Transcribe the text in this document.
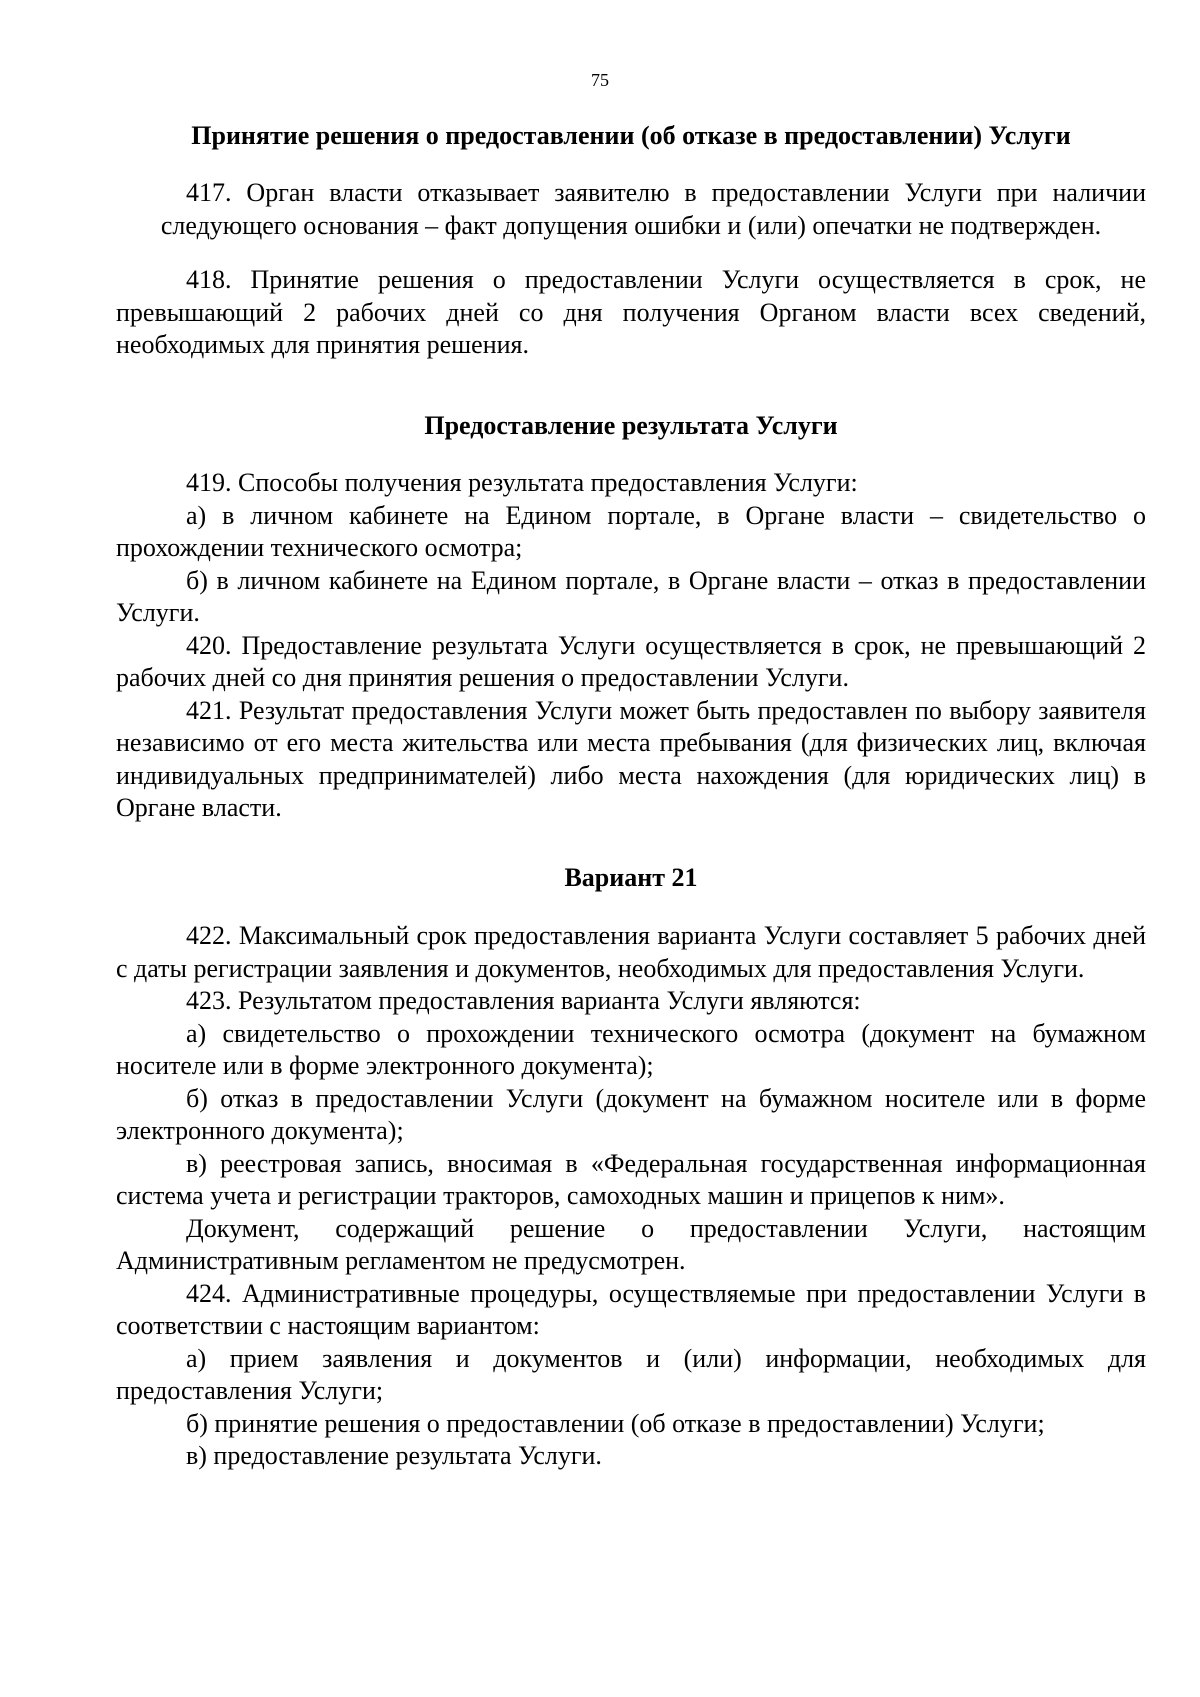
75

Принятие решения о предоставлении (об отказе в предоставлении) Услуги

417. Орган власти отказывает заявителю в предоставлении Услуги при наличии следующего основания – факт допущения ошибки и (или) опечатки не подтвержден.

418. Принятие решения о предоставлении Услуги осуществляется в срок, не превышающий 2 рабочих дней со дня получения Органом власти всех сведений, необходимых для принятия решения.

Предоставление результата Услуги

419. Способы получения результата предоставления Услуги:

а) в личном кабинете на Едином портале, в Органе власти – свидетельство о прохождении технического осмотра;

б) в личном кабинете на Едином портале, в Органе власти – отказ в предоставлении Услуги.

420. Предоставление результата Услуги осуществляется в срок, не превышающий 2 рабочих дней со дня принятия решения о предоставлении Услуги.

421. Результат предоставления Услуги может быть предоставлен по выбору заявителя независимо от его места жительства или места пребывания (для физических лиц, включая индивидуальных предпринимателей) либо места нахождения (для юридических лиц) в Органе власти.

Вариант 21

422. Максимальный срок предоставления варианта Услуги составляет 5 рабочих дней с даты регистрации заявления и документов, необходимых для предоставления Услуги.

423. Результатом предоставления варианта Услуги являются:

а) свидетельство о прохождении технического осмотра (документ на бумажном носителе или в форме электронного документа);

б) отказ в предоставлении Услуги (документ на бумажном носителе или в форме электронного документа);

в) реестровая запись, вносимая в «Федеральная государственная информационная система учета и регистрации тракторов, самоходных машин и прицепов к ним».

Документ, содержащий решение о предоставлении Услуги, настоящим Административным регламентом не предусмотрен.

424. Административные процедуры, осуществляемые при предоставлении Услуги в соответствии с настоящим вариантом:

а) прием заявления и документов и (или) информации, необходимых для предоставления Услуги;

б) принятие решения о предоставлении (об отказе в предоставлении) Услуги;

в) предоставление результата Услуги.
